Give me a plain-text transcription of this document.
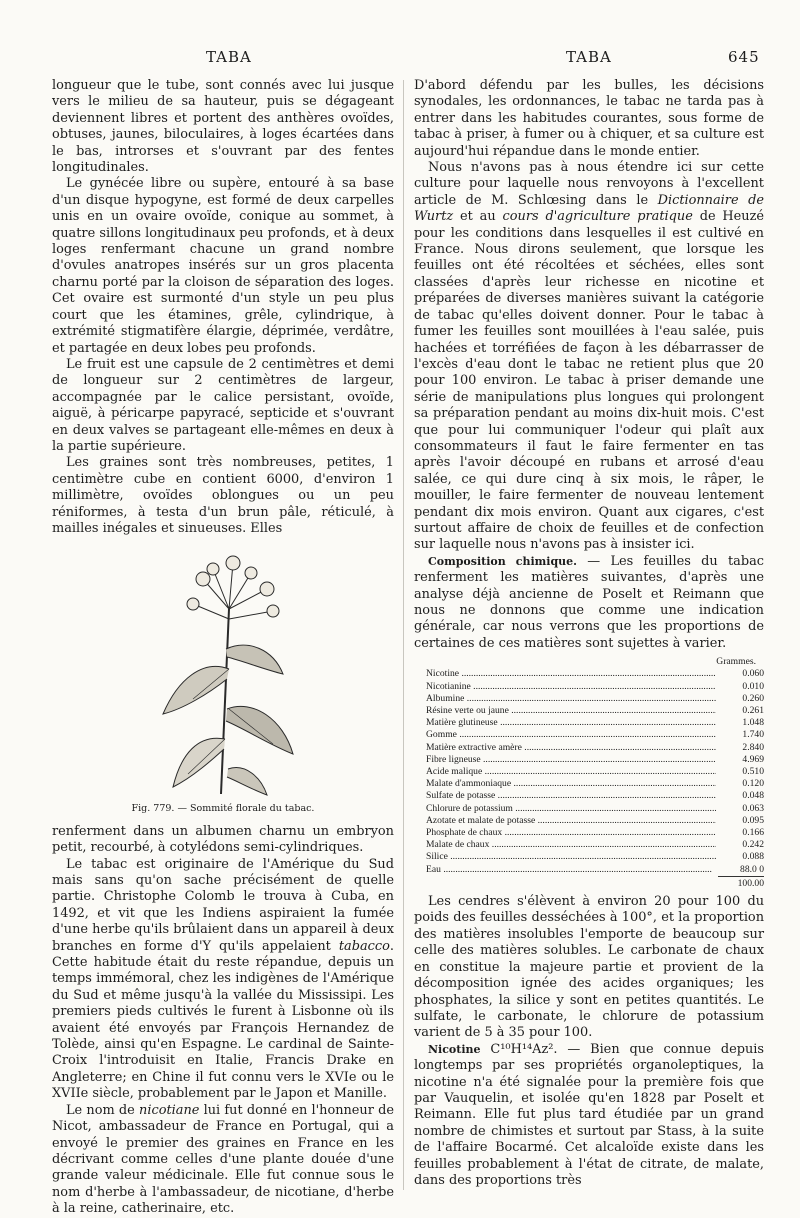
TABA	TABA	645

longueur que le tube, sont connés avec lui jusque vers le milieu de sa hauteur, puis se dégageant deviennent libres et portent des anthères ovoïdes, obtuses, jaunes, biloculaires, à loges écartées dans le bas, introrses et s'ouvrant par des fentes longitudinales.

Le gynécée libre ou supère, entouré à sa base d'un disque hypogyne, est formé de deux carpelles unis en un ovaire ovoïde, conique au sommet, à quatre sillons longitudinaux peu profonds, et à deux loges renfermant chacune un grand nombre d'ovules anatropes insérés sur un gros placenta charnu porté par la cloison de séparation des loges. Cet ovaire est surmonté d'un style un peu plus court que les étamines, grêle, cylindrique, à extrémité stigmatifère élargie, déprimée, verdâtre, et partagée en deux lobes peu profonds.

Le fruit est une capsule de 2 centimètres et demi de longueur sur 2 centimètres de largeur, accompagnée par le calice persistant, ovoïde, aiguë, à péricarpe papyracé, septicide et s'ouvrant en deux valves se partageant elle-mêmes en deux à la partie supérieure.

Les graines sont très nombreuses, petites, 1 centimètre cube en contient 6000, d'environ 1 millimètre, ovoïdes oblongues ou un peu réniformes, à testa d'un brun pâle, réticulé, à mailles inégales et sinueuses. Elles

Fig. 779. — Sommité florale du tabac.

renferment dans un albumen charnu un embryon petit, recourbé, à cotylédons semi-cylindriques.

Le tabac est originaire de l'Amérique du Sud mais sans qu'on sache précisément de quelle partie. Christophe Colomb le trouva à Cuba, en 1492, et vit que les Indiens aspiraient la fumée d'une herbe qu'ils brûlaient dans un appareil à deux branches en forme d'Y qu'ils appelaient tabacco. Cette habitude était du reste répandue, depuis un temps immémoral, chez les indigènes de l'Amérique du Sud et même jusqu'à la vallée du Mississipi. Les premiers pieds cultivés le furent à Lisbonne où ils avaient été envoyés par François Hernandez de Tolède, ainsi qu'en Espagne. Le cardinal de Sainte-Croix l'introduisit en Italie, Francis Drake en Angleterre; en Chine il fut connu vers le XVIe ou le XVIIe siècle, probablement par le Japon et Manille.

Le nom de nicotiane lui fut donné en l'honneur de Nicot, ambassadeur de France en Portugal, qui a envoyé le premier des graines en France en les décrivant comme celles d'une plante douée d'une grande valeur médicinale. Elle fut connue sous le nom d'herbe à l'ambassadeur, de nicotiane, d'herbe à la reine, catherinaire, etc.

D'abord défendu par les bulles, les décisions synodales, les ordonnances, le tabac ne tarda pas à entrer dans les habitudes courantes, sous forme de tabac à priser, à fumer ou à chiquer, et sa culture est aujourd'hui répandue dans le monde entier.

Nous n'avons pas à nous étendre ici sur cette culture pour laquelle nous renvoyons à l'excellent article de M. Schlœsing dans le Dictionnaire de Wurtz et au cours d'agriculture pratique de Heuzé pour les conditions dans lesquelles il est cultivé en France. Nous dirons seulement, que lorsque les feuilles ont été récoltées et séchées, elles sont classées d'après leur richesse en nicotine et préparées de diverses manières suivant la catégorie de tabac qu'elles doivent donner. Pour le tabac à fumer les feuilles sont mouillées à l'eau salée, puis hachées et torréfiées de façon à les débarrasser de l'excès d'eau dont le tabac ne retient plus que 20 pour 100 environ. Le tabac à priser demande une série de manipulations plus longues qui prolongent sa préparation pendant au moins dix-huit mois. C'est que pour lui communiquer l'odeur qui plaît aux consommateurs il faut le faire fermenter en tas après l'avoir découpé en rubans et arrosé d'eau salée, ce qui dure cinq à six mois, le râper, le mouiller, le faire fermenter de nouveau lentement pendant dix mois environ. Quant aux cigares, c'est surtout affaire de choix de feuilles et de confection sur laquelle nous n'avons pas à insister ici.

Composition chimique. — Les feuilles du tabac renferment les matières suivantes, d'après une analyse déjà ancienne de Poselt et Reimann que nous ne donnons que comme une indication générale, car nous verrons que les proportions de certaines de ces matières sont sujettes à varier.

Grammes.
Nicotine .....	0.060
Nicotianine .....	0.010
Albumine .....	0.260
Résine verte ou jaune .....	0.261
Matière glutineuse .....	1.048
Gomme .....	1.740
Matière extractive amère .....	2.840
Fibre ligneuse .....	4.969
Acide malique .....	0.510
Malate d'ammoniaque .....	0.120
Sulfate de potasse .....	0.048
Chlorure de potassium .....	0.063
Azotate et malate de potasse .....	0.095
Phosphate de chaux .....	0.166
Malate de chaux .....	0.242
Silice .....	0.088
Eau .....	88.0 0
100.00

Les cendres s'élèvent à environ 20 pour 100 du poids des feuilles desséchées à 100°, et la proportion des matières insolubles l'emporte de beaucoup sur celle des matières solubles. Le carbonate de chaux en constitue la majeure partie et provient de la décomposition ignée des acides organiques; les phosphates, la silice y sont en petites quantités. Le sulfate, le carbonate, le chlorure de potassium varient de 5 à 35 pour 100.

Nicotine C¹⁰H¹⁴Az². — Bien que connue depuis longtemps par ses propriétés organoleptiques, la nicotine n'a été signalée pour la première fois que par Vauquelin, et isolée qu'en 1828 par Poselt et Reimann. Elle fut plus tard étudiée par un grand nombre de chimistes et surtout par Stass, à la suite de l'affaire Bocarmé. Cet alcaloïde existe dans les feuilles probablement à l'état de citrate, de malate, dans des proportions très
